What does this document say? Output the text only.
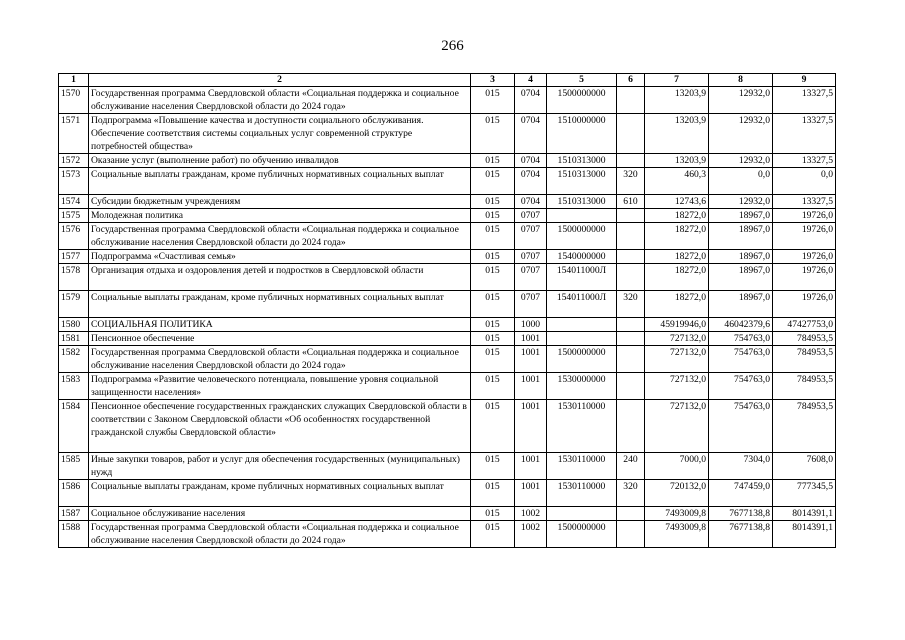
266
1	2	3	4	5	6	7	8	9
1570	Государственная программа Свердловской области «Социальная поддержка и социальное обслуживание населения Свердловской области до 2024 года»	015	0704	1500000000		13203,9	12932,0	13327,5
1571	Подпрограмма «Повышение качества и доступности социального обслуживания. Обеспечение соответствия системы социальных услуг современной структуре потребностей общества»	015	0704	1510000000		13203,9	12932,0	13327,5
1572	Оказание услуг (выполнение работ) по обучению инвалидов	015	0704	1510313000		13203,9	12932,0	13327,5
1573	Социальные выплаты гражданам, кроме публичных нормативных социальных выплат	015	0704	1510313000	320	460,3	0,0	0,0
1574	Субсидии бюджетным учреждениям	015	0704	1510313000	610	12743,6	12932,0	13327,5
1575	Молодежная политика	015	0707			18272,0	18967,0	19726,0
1576	Государственная программа Свердловской области «Социальная поддержка и социальное обслуживание населения Свердловской области до 2024 года»	015	0707	1500000000		18272,0	18967,0	19726,0
1577	Подпрограмма «Счастливая семья»	015	0707	1540000000		18272,0	18967,0	19726,0
1578	Организация отдыха и оздоровления детей и подростков в Свердловской области	015	0707	154011000Л		18272,0	18967,0	19726,0
1579	Социальные выплаты гражданам, кроме публичных нормативных социальных выплат	015	0707	154011000Л	320	18272,0	18967,0	19726,0
1580	СОЦИАЛЬНАЯ ПОЛИТИКА	015	1000			45919946,0	46042379,6	47427753,0
1581	Пенсионное обеспечение	015	1001			727132,0	754763,0	784953,5
1582	Государственная программа Свердловской области «Социальная поддержка и социальное обслуживание населения Свердловской области до 2024 года»	015	1001	1500000000		727132,0	754763,0	784953,5
1583	Подпрограмма «Развитие человеческого потенциала, повышение уровня социальной защищенности населения»	015	1001	1530000000		727132,0	754763,0	784953,5
1584	Пенсионное обеспечение государственных гражданских служащих Свердловской области в соответствии с Законом Свердловской области «Об особенностях государственной гражданской службы Свердловской области»	015	1001	1530110000		727132,0	754763,0	784953,5
1585	Иные закупки товаров, работ и услуг для обеспечения государственных (муниципальных) нужд	015	1001	1530110000	240	7000,0	7304,0	7608,0
1586	Социальные выплаты гражданам, кроме публичных нормативных социальных выплат	015	1001	1530110000	320	720132,0	747459,0	777345,5
1587	Социальное обслуживание населения	015	1002			7493009,8	7677138,8	8014391,1
1588	Государственная программа Свердловской области «Социальная поддержка и социальное обслуживание населения Свердловской области до 2024 года»	015	1002	1500000000		7493009,8	7677138,8	8014391,1
